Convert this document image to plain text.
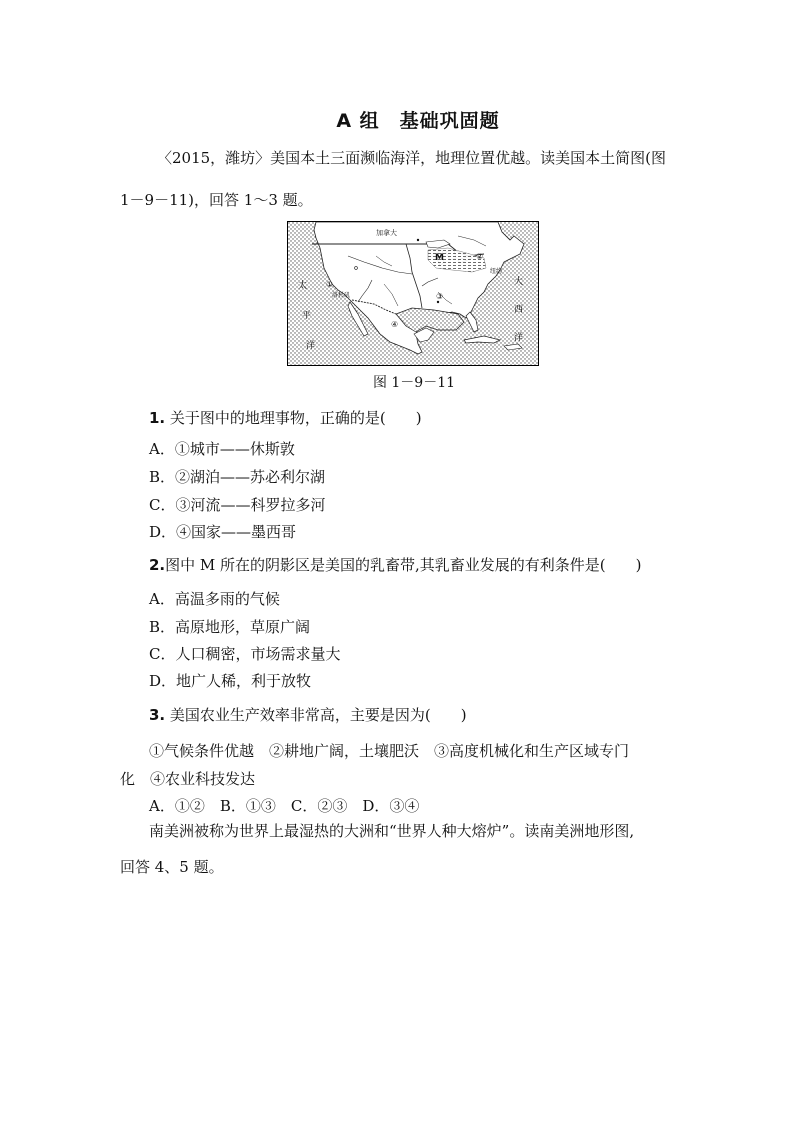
A 组　基础巩固题
〈2015，潍坊〉美国本土三面濒临海洋，地理位置优越。读美国本土简图(图
1－9－11)，回答 1～3 题。
加拿大
M	②
纽约
①
洛杉矶	③
④
太
平
洋
大
西
洋
图 1－9－11
1. 关于图中的地理事物，正确的是(　　)
A．①城市——休斯敦
B．②湖泊——苏必利尔湖
C．③河流——科罗拉多河
D．④国家——墨西哥
2.图中 M 所在的阴影区是美国的乳畜带,其乳畜业发展的有利条件是(　　)
A．高温多雨的气候
B．高原地形，草原广阔
C．人口稠密，市场需求量大
D．地广人稀，利于放牧
3. 美国农业生产效率非常高，主要是因为(　　)
①气候条件优越　②耕地广阔，土壤肥沃　③高度机械化和生产区域专门
化　④农业科技发达
A．①②　B．①③　C．②③　D．③④
南美洲被称为世界上最湿热的大洲和“世界人种大熔炉”。读南美洲地形图,
回答 4、5 题。
